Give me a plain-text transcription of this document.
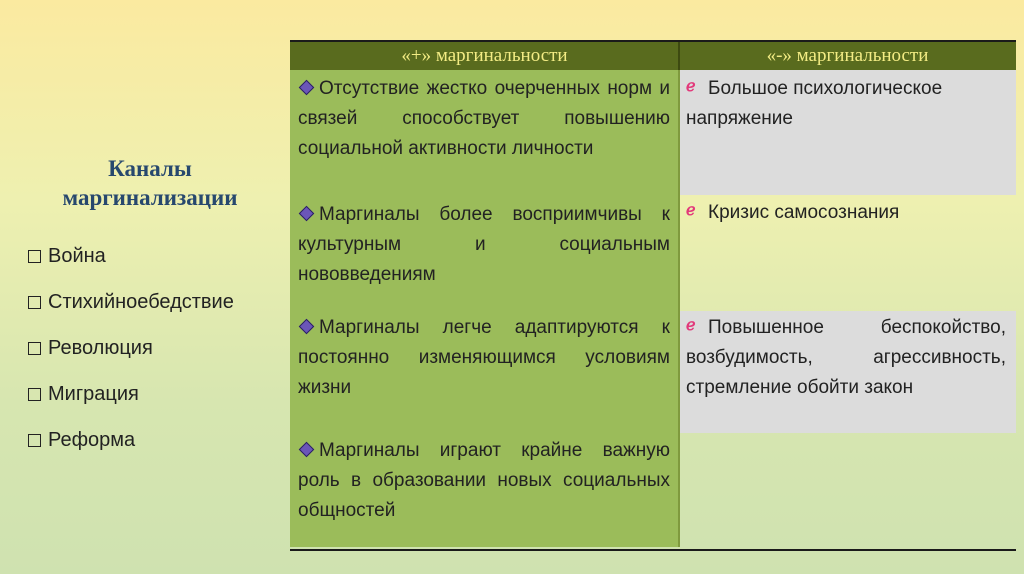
Каналы
маргинализации
Война
Стихийноебедствие
Революция
Миграция
Реформа
«+» маргинальности	«-» маргинальности
Отсутствие жестко очерченных норм и связей способствует повышению социальной активности личности
Маргиналы более восприимчивы к культурным и социальным нововведениям
Маргиналы легче адаптируются к постоянно изменяющимся условиям жизни
Маргиналы играют крайне важную роль в образовании новых социальных общностей
ℯ Большое психологическое напряжение
ℯ Кризис самосознания
ℯ Повышенное беспокойство, возбудимость, агрессивность, стремление обойти закон
